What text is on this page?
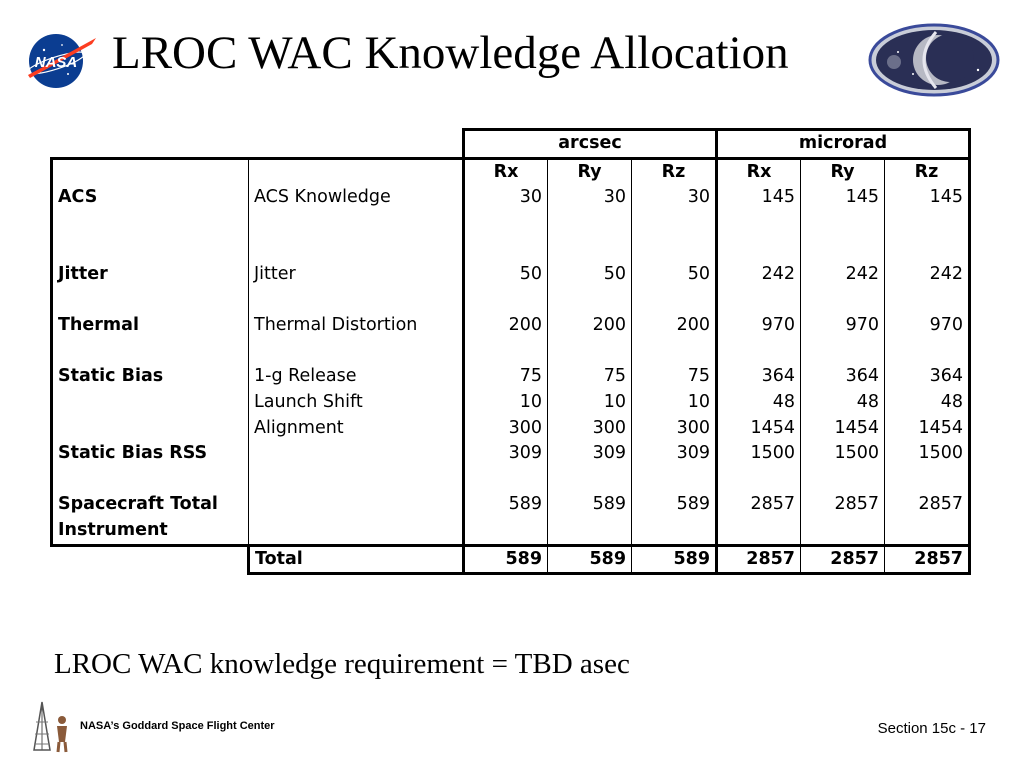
NASA LROC WAC Knowledge Allocation
		arcsec			microrad		
		Rx	Ry	Rz	Rx	Ry	Rz
ACS	ACS Knowledge	30	30	30	145	145	145

Jitter	Jitter	50	50	50	242	242	242

Thermal	Thermal Distortion	200	200	200	970	970	970

Static Bias	1-g Release	75	75	75	364	364	364
	Launch Shift	10	10	10	48	48	48
	Alignment	300	300	300	1454	1454	1454
Static Bias RSS		309	309	309	1500	1500	1500

Spacecraft Total		589	589	589	2857	2857	2857
Instrument							
	Total	589	589	589	2857	2857	2857
LROC WAC knowledge requirement = TBD asec
NASA’s Goddard Space Flight Center	Section 15c - 17
